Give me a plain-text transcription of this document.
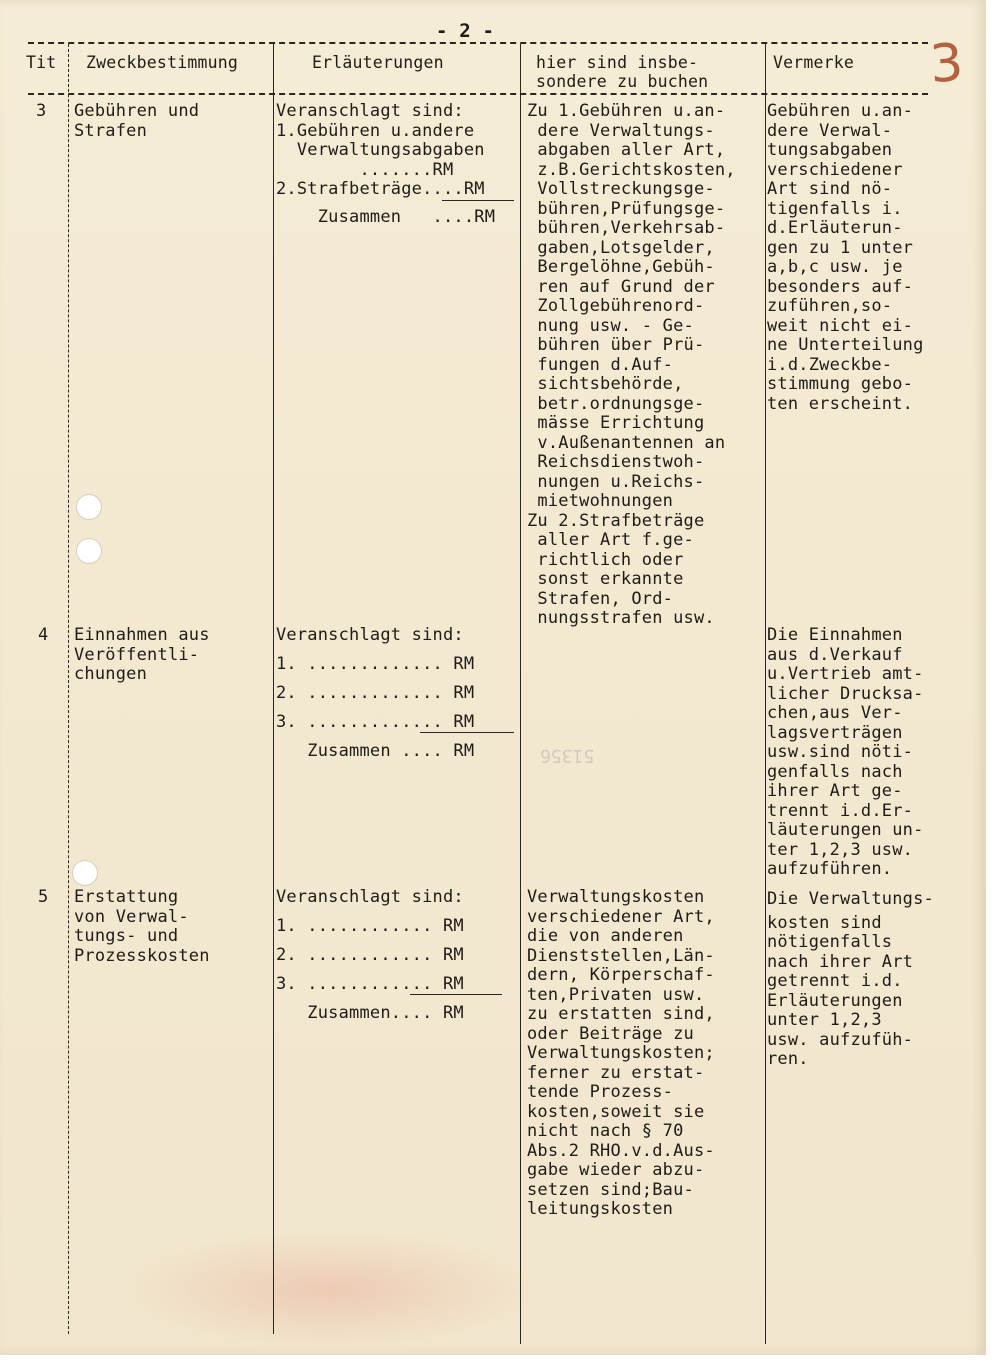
- 2 -
3
51356
Tit Zweckbestimmung	Erläuterungen	hier sind insbe-
sondere zu buchen
Vermerke
3 Gebühren und
Strafen
Veranschlagt sind:
1.Gebühren u.andere
Verwaltungsabgaben
.......RM
2.Strafbeträge....RM
Zusammen   ....RM
Zu 1.Gebühren u.an-
dere Verwaltungs-
abgaben aller Art,
z.B.Gerichtskosten,
Vollstreckungsge-
bühren,Prüfungsge-
bühren,Verkehrsab-
gaben,Lotsgelder,
Bergelöhne,Gebüh-
ren auf Grund der
Zollgebührenord-
nung usw. - Ge-
bühren über Prü-
fungen d.Auf-
sichtsbehörde,
betr.ordnungsge-
mässe Errichtung
v.Außenantennen an
Reichsdienstwoh-
nungen u.Reichs-
mietwohnungen
Zu 2.Strafbeträge
aller Art f.ge-
richtlich oder
sonst erkannte
Strafen, Ord-
nungsstrafen usw.
Gebühren u.an-
dere Verwal-
tungsabgaben
verschiedener
Art sind nö-
tigenfalls i.
d.Erläuterun-
gen zu 1 unter
a,b,c usw. je
besonders auf-
zuführen,so-
weit nicht ei-
ne Unterteilung
i.d.Zweckbe-
stimmung gebo-
ten erscheint.
4 Einnahmen aus
Veröffentli-
chungen
Veranschlagt sind:
1. ............. RM
2. ............. RM
3. ............. RM
Zusammen .... RM
Die Einnahmen
aus d.Verkauf
u.Vertrieb amt-
licher Drucksa-
chen,aus Ver-
lagsverträgen
usw.sind nöti-
genfalls nach
ihrer Art ge-
trennt i.d.Er-
läuterungen un-
ter 1,2,3 usw.
aufzuführen.
5 Erstattung
von Verwal-
tungs- und
Prozesskosten
Veranschlagt sind:
1. ............ RM
2. ............ RM
3. ............ RM
Zusammen.... RM
Verwaltungskosten
verschiedener Art,
die von anderen
Dienststellen,Län-
dern, Körperschaf-
ten,Privaten usw.
zu erstatten sind,
oder Beiträge zu
Verwaltungskosten;
ferner zu erstat-
tende Prozess-
kosten,soweit sie
nicht nach § 70
Abs.2 RHO.v.d.Aus-
gabe wieder abzu-
setzen sind;Bau-
leitungskosten
Die Verwaltungs-
kosten sind
nötigenfalls
nach ihrer Art
getrennt i.d.
Erläuterungen
unter 1,2,3
usw. aufzufüh-
ren.
